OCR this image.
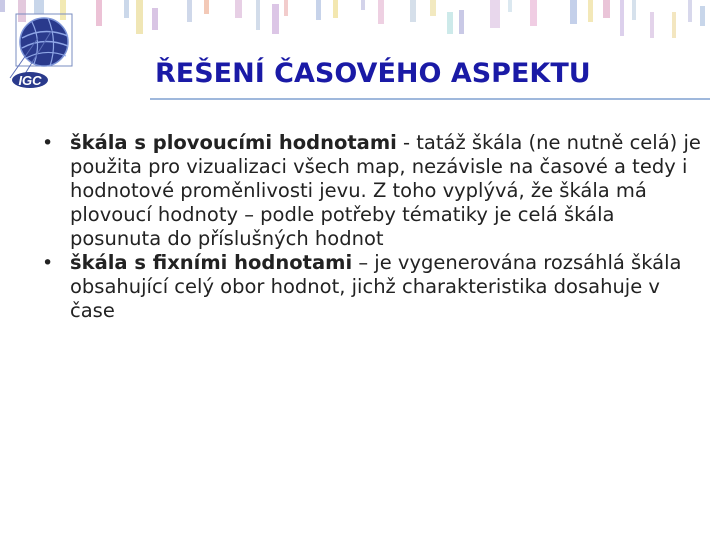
IGC	ŘEŠENÍ ČASOVÉHO ASPEKTU
• škála s plovoucími hodnotami - tatáž škála (ne nutně celá) je použita pro vizualizaci všech map, nezávisle na časové a tedy i hodnotové proměnlivosti jevu. Z toho vyplývá, že škála má plovoucí hodnoty – podle potřeby tématiky je celá škála posunuta do příslušných hodnot
• škála s fixními hodnotami – je vygenerována rozsáhlá škála obsahující celý obor hodnot, jichž charakteristika dosahuje v čase
